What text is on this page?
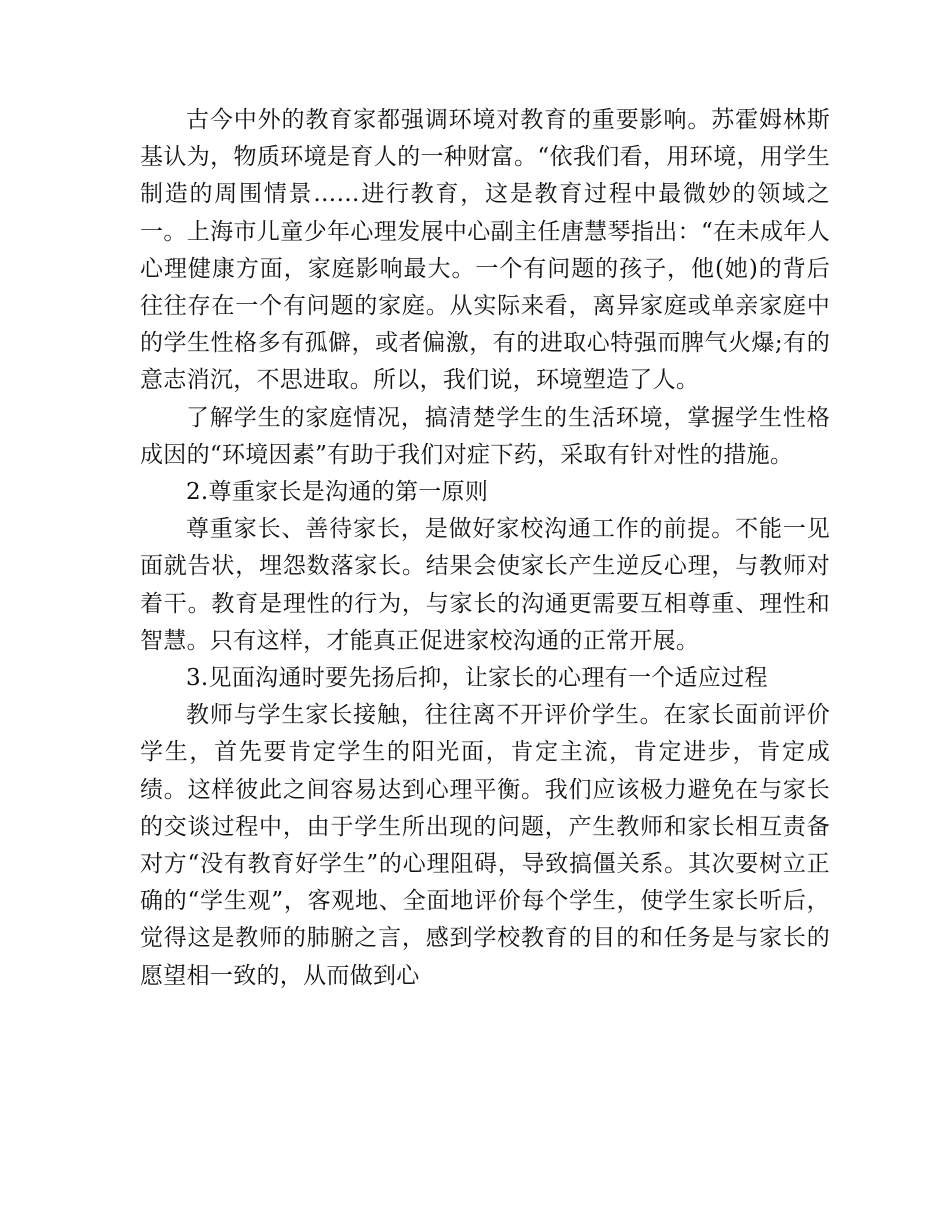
古今中外的教育家都强调环境对教育的重要影响。苏霍姆林斯基认为，物质环境是育人的一种财富。“依我们看，用环境，用学生制造的周围情景……进行教育，这是教育过程中最微妙的领域之一。上海市儿童少年心理发展中心副主任唐慧琴指出：“在未成年人心理健康方面，家庭影响最大。一个有问题的孩子，他(她)的背后往往存在一个有问题的家庭。从实际来看，离异家庭或单亲家庭中的学生性格多有孤僻，或者偏激，有的进取心特强而脾气火爆;有的意志消沉，不思进取。所以，我们说，环境塑造了人。

了解学生的家庭情况，搞清楚学生的生活环境，掌握学生性格成因的“环境因素”有助于我们对症下药，采取有针对性的措施。

2.尊重家长是沟通的第一原则

尊重家长、善待家长，是做好家校沟通工作的前提。不能一见面就告状，埋怨数落家长。结果会使家长产生逆反心理，与教师对着干。教育是理性的行为，与家长的沟通更需要互相尊重、理性和智慧。只有这样，才能真正促进家校沟通的正常开展。

3.见面沟通时要先扬后抑，让家长的心理有一个适应过程

教师与学生家长接触，往往离不开评价学生。在家长面前评价学生，首先要肯定学生的阳光面，肯定主流，肯定进步，肯定成绩。这样彼此之间容易达到心理平衡。我们应该极力避免在与家长的交谈过程中，由于学生所出现的问题，产生教师和家长相互责备对方“没有教育好学生”的心理阻碍，导致搞僵关系。其次要树立正确的“学生观”，客观地、全面地评价每个学生，使学生家长听后，觉得这是教师的肺腑之言，感到学校教育的目的和任务是与家长的愿望相一致的，从而做到心
